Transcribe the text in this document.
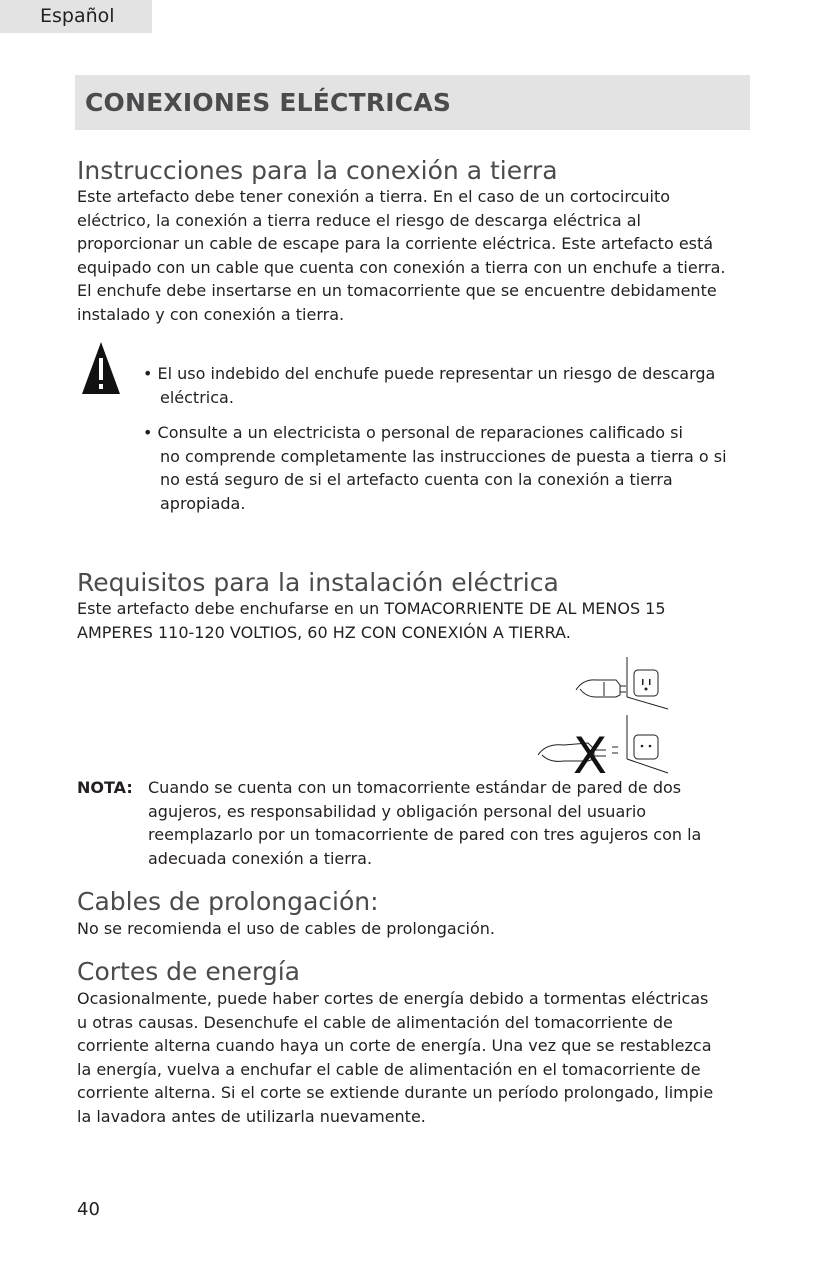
Español
CONEXIONES ELÉCTRICAS
Instrucciones para la conexión a tierra
Este artefacto debe tener conexión a tierra. En el caso de un cortocircuito
eléctrico, la conexión a tierra reduce el riesgo de descarga eléctrica al
proporcionar un cable de escape para la corriente eléctrica. Este artefacto está
equipado con un cable que cuenta con conexión a tierra con un enchufe a tierra.
El enchufe debe insertarse en un tomacorriente que se encuentre debidamente
instalado y con conexión a tierra.
• El uso indebido del enchufe puede representar un riesgo de descarga
eléctrica.
• Consulte a un electricista o personal de reparaciones calificado si
no comprende completamente las instrucciones de puesta a tierra o si
no está seguro de si el artefacto cuenta con la conexión a tierra
apropiada.
Requisitos para la instalación eléctrica
Este artefacto debe enchufarse en un TOMACORRIENTE DE AL MENOS 15
AMPERES 110-120 VOLTIOS, 60 HZ CON CONEXIÓN A TIERRA.
X
NOTA: Cuando se cuenta con un tomacorriente estándar de pared de dos
agujeros, es responsabilidad y obligación personal del usuario
reemplazarlo por un tomacorriente de pared con tres agujeros con la
adecuada conexión a tierra.
Cables de prolongación:
No se recomienda el uso de cables de prolongación.
Cortes de energía
Ocasionalmente, puede haber cortes de energía debido a tormentas eléctricas
u otras causas. Desenchufe el cable de alimentación del tomacorriente de
corriente alterna cuando haya un corte de energía. Una vez que se restablezca
la energía, vuelva a enchufar el cable de alimentación en el tomacorriente de
corriente alterna. Si el corte se extiende durante un período prolongado, limpie
la lavadora antes de utilizarla nuevamente.
40
